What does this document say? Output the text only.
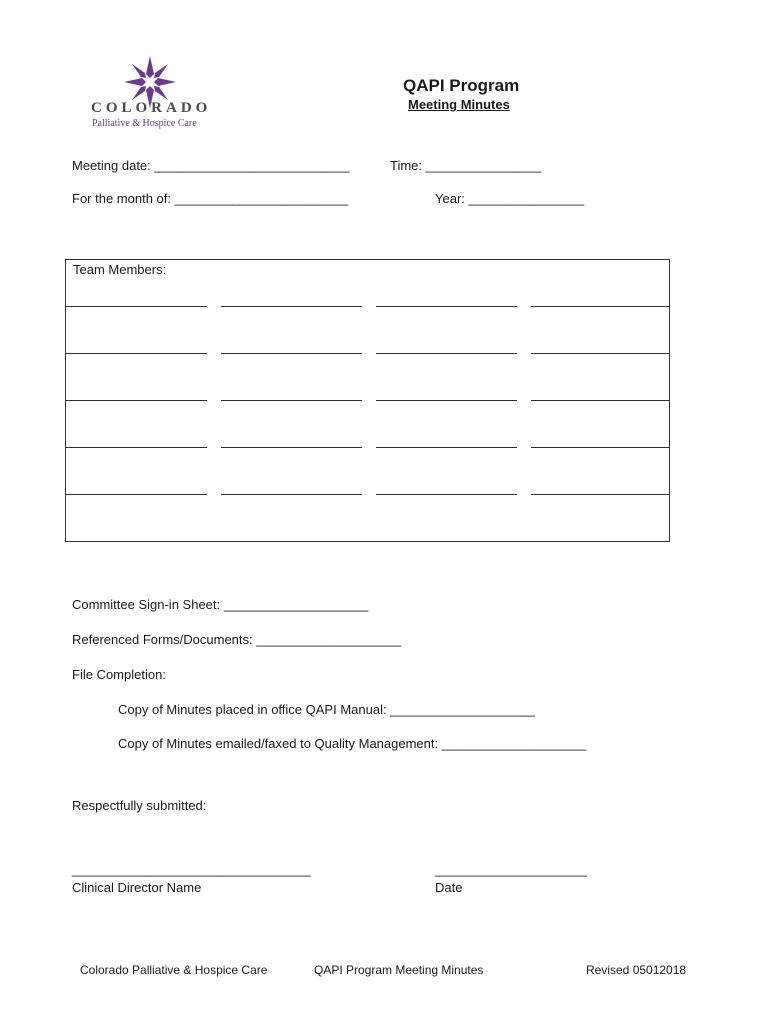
COLORADO
Palliative & Hospice Care
QAPI Program
Meeting Minutes
Meeting date: ___________________________	Time: ________________
For the month of: ________________________	Year: ________________
Team Members:
Committee Sign-in Sheet: ____________________
Referenced Forms/Documents: ____________________
File Completion:
Copy of Minutes placed in office QAPI Manual: ____________________
Copy of Minutes emailed/faxed to Quality Management: ____________________
Respectfully submitted:
_________________________________
Clinical Director Name
_____________________
Date
Colorado Palliative & Hospice Care	QAPI Program Meeting Minutes	Revised 05012018
